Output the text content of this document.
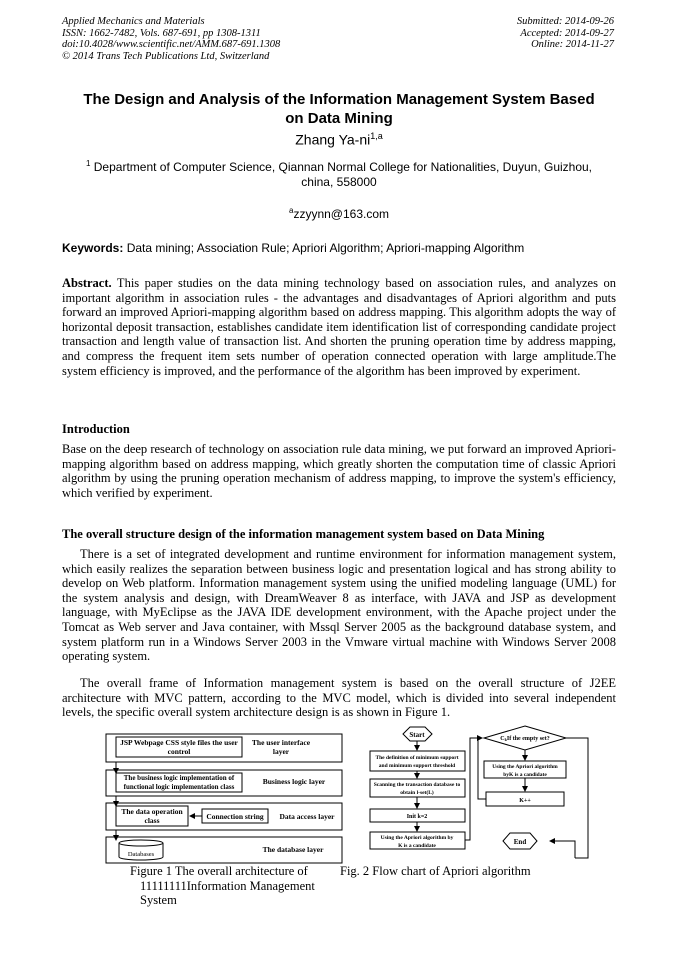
Applied Mechanics and Materials
ISSN: 1662-7482, Vols. 687-691, pp 1308-1311
doi:10.4028/www.scientific.net/AMM.687-691.1308
© 2014 Trans Tech Publications Ltd, Switzerland
Submitted: 2014-09-26
Accepted: 2014-09-27
Online: 2014-11-27
The Design and Analysis of the Information Management System Based
on Data Mining
Zhang Ya-ni$^{1,a}$
$^1$ Department of Computer Science, Qiannan Normal College for Nationalities, Duyun, Guizhou,
china, 558000
$^a$zzyynn@163.com
Keywords: Data mining; Association Rule; Apriori Algorithm; Apriori-mapping Algorithm
Abstract. This paper studies on the data mining technology based on association rules, and analyzes on important algorithm in association rules - the advantages and disadvantages of Apriori algorithm and puts forward an improved Apriori-mapping algorithm based on address mapping. This algorithm adopts the way of horizontal deposit transaction, establishes candidate item identification list of corresponding candidate project transaction and length value of transaction list. And shorten the pruning operation time by address mapping, and compress the frequent item sets number of operation connected operation with large amplitude.The system efficiency is improved, and the performance of the algorithm has been improved by experiment.
Introduction
Base on the deep research of technology on association rule data mining, we put forward an improved Apriori-mapping algorithm based on address mapping, which greatly shorten the computation time of classic Apriori algorithm by using the pruning operation mechanism of address mapping, to improve the system's efficiency, which verified by experiment.
The overall structure design of the information management system based on Data Mining
There is a set of integrated development and runtime environment for information management system, which easily realizes the separation between business logic and presentation logical and has strong ability to develop on Web platform. Information management system using the unified modeling language (UML) for the system analysis and design, with DreamWeaver 8 as interface, with JAVA and JSP as development language, with MyEclipse as the JAVA IDE development environment, with the Apache project under the Tomcat as Web server and Java container, with Mssql Server 2005 as the background database system, and system platform run in a Windows Server 2003 in the Vmware virtual machine with Windows Server 2008 operating system.
The overall frame of Information management system is based on the overall structure of J2EE architecture with MVC pattern, according to the MVC model, which is divided into several independent levels, the specific overall system architecture design is as shown in Figure 1.
JSP Webpage CSS style files the user
control
The user interface
layer
The business logic implementation of
functional logic implementation class
Business logic layer
The data operation
class	Connection string Data access layer
Databases
The database layer
Start
The definition of minimum support
and minimum support threshold
Scanning the transaction database to
obtain l-set(L)
Init k=2
Using the Apriori algorithm by
K is a candidate
CkIf the empty set?
Using the Apriori algorithm
byK is a candidate
K++
End
Figure 1 The overall architecture of
11111111Information Management System
Fig. 2 Flow chart of Apriori algorithm
